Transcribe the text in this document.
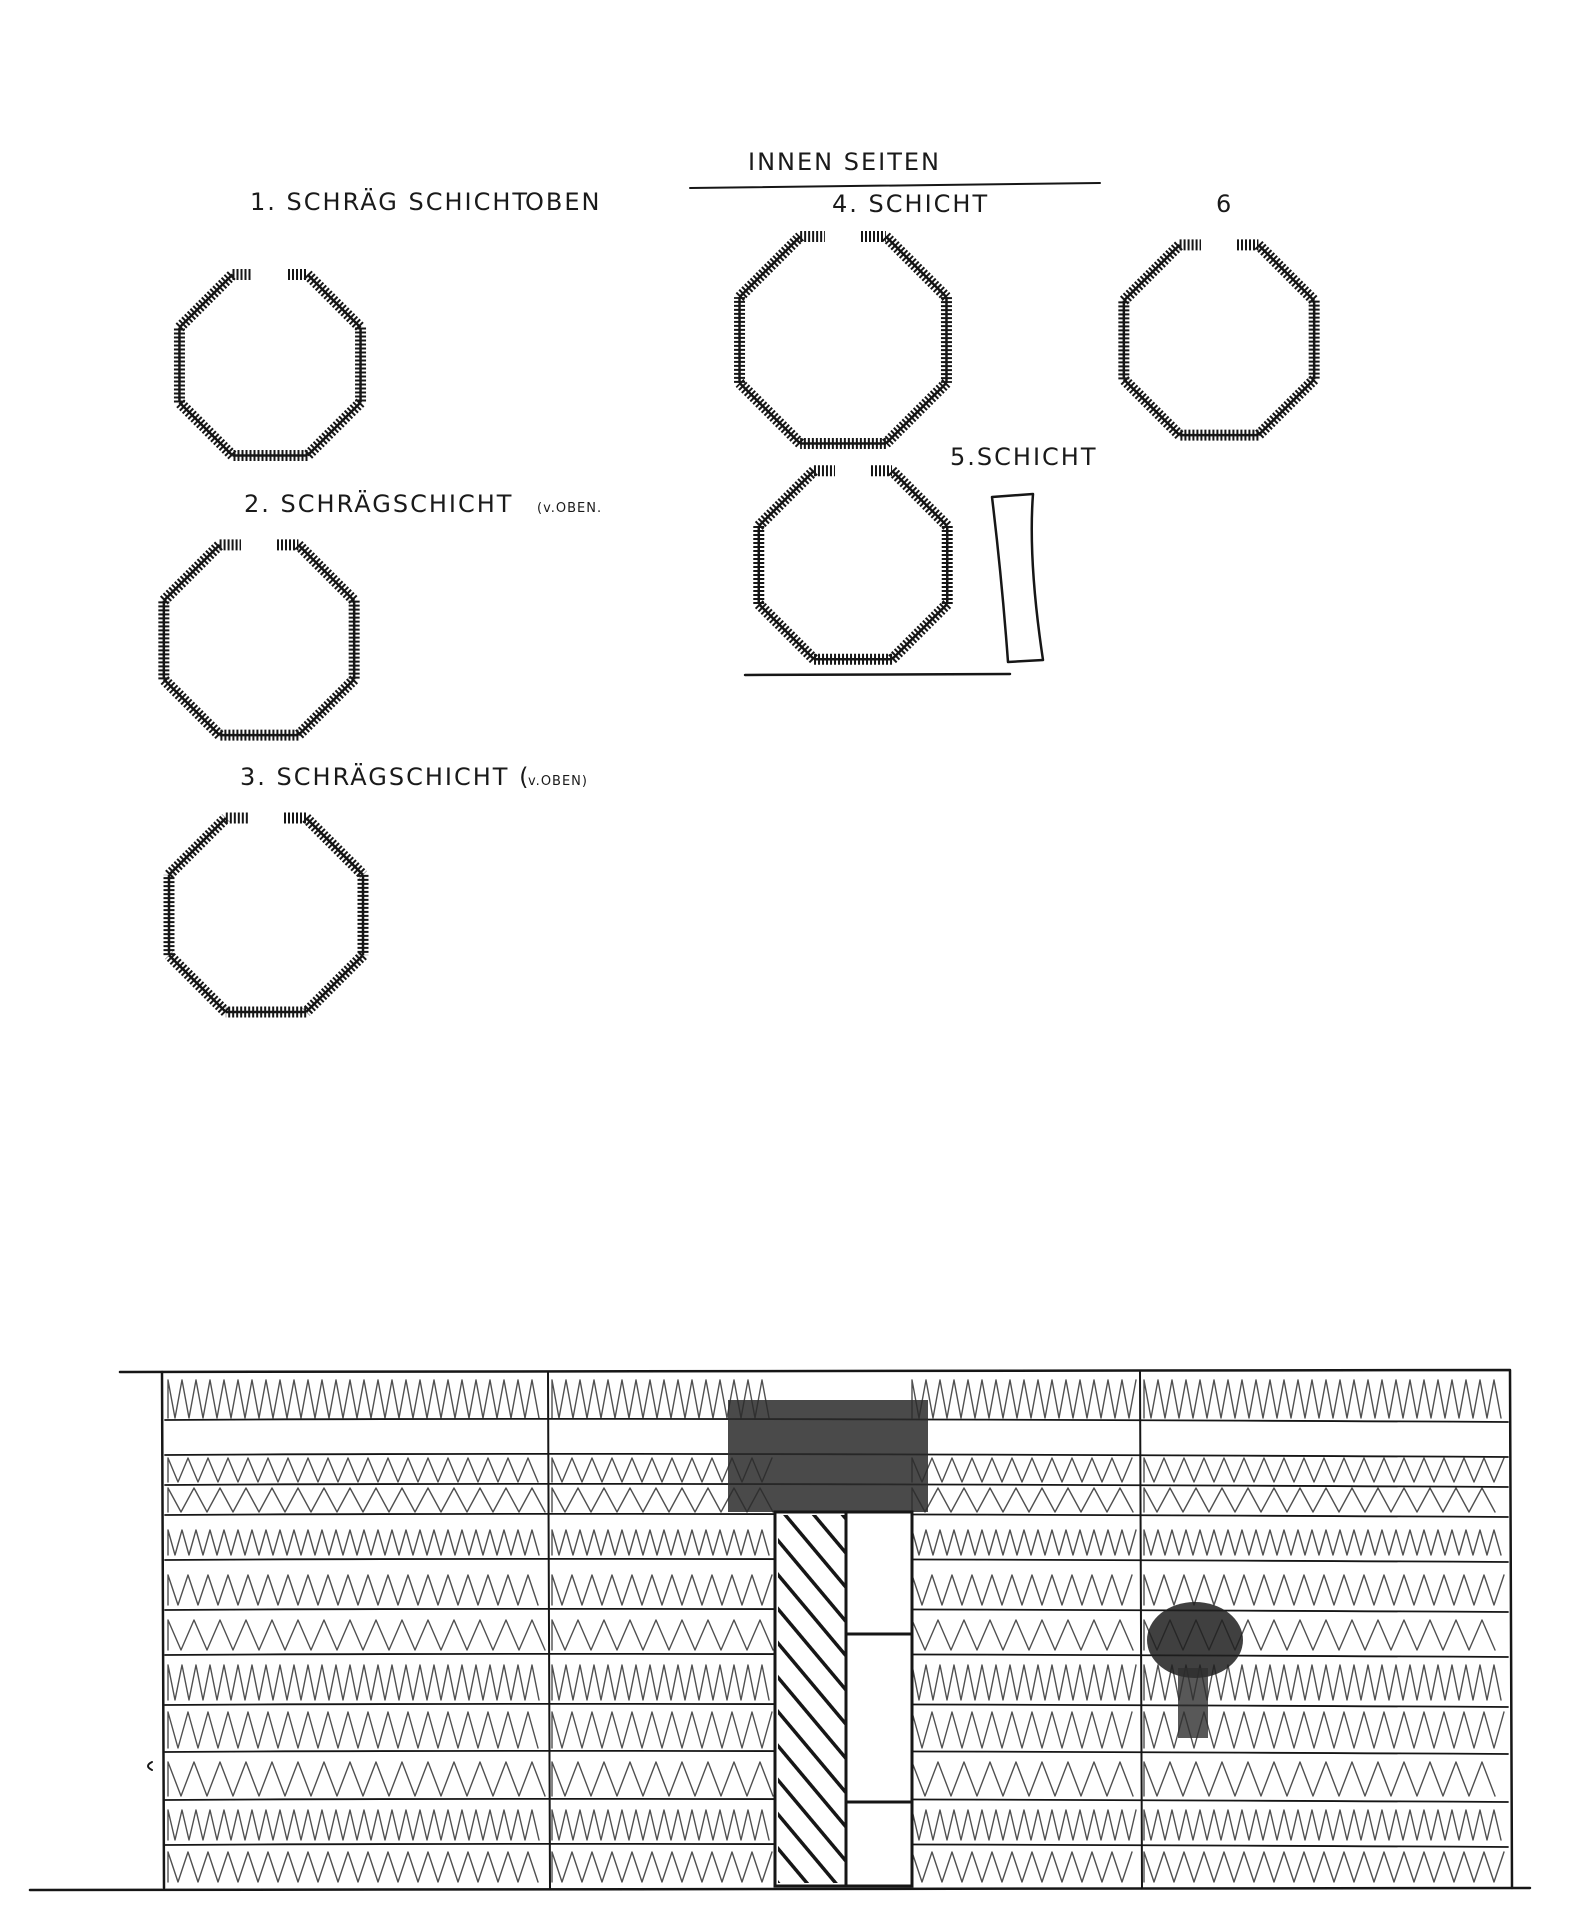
1. SCHRÄG SCHICHT
OBEN
INNEN SEITEN
4. SCHICHT	6
2. SCHRÄGSCHICHT (v.OBEN.
5.SCHICHT
3. SCHRÄGSCHICHT (
v.OBEN)
